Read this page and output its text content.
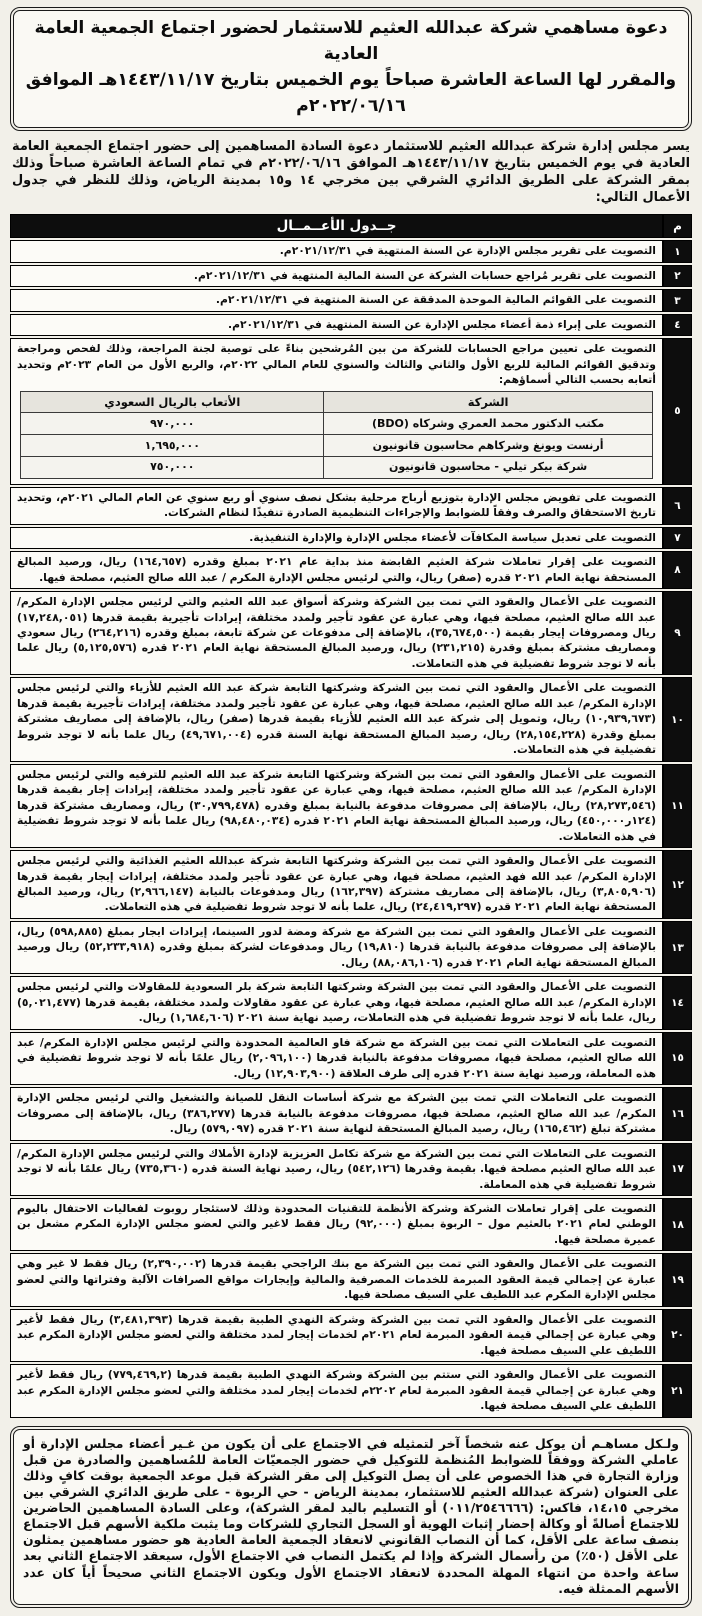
دعوة مساهمي شركة عبدالله العثيم للاستثمار لحضور اجتماع الجمعية العامة العادية
والمقرر لها الساعة العاشرة صباحاً يوم الخميس بتاريخ ١٤٤٣/١١/١٧هـ الموافق ٢٠٢٢/٠٦/١٦م

يسر مجلس إدارة شركة عبدالله العثيم للاستثمار دعوة السادة المساهمين إلى حضور اجتماع الجمعية العامة العادية في يوم الخميس بتاريخ ١٤٤٣/١١/١٧هـ الموافق ٢٠٢٢/٠٦/١٦م في تمام الساعة العاشرة صباحاً وذلك بمقر الشركة على الطريق الدائري الشرقي بين مخرجي ١٤ و١٥ بمدينة الرياض، وذلك للنظر في جدول الأعمال التالي:

م	جــدول الأعــمــال
١	التصويت على تقرير مجلس الإدارة عن السنة المنتهية في ٢٠٢١/١٢/٣١م.
٢	التصويت على تقرير مُراجع حسابات الشركة عن السنة المالية المنتهية في ٢٠٢١/١٢/٣١م.
٣	التصويت على القوائم المالية الموحدة المدققة عن السنة المنتهية في ٢٠٢١/١٢/٣١م.
٤	التصويت على إبراء ذمة أعضاء مجلس الإدارة عن السنة المنتهية في ٢٠٢١/١٢/٣١م.
٥	التصويت على تعيين مراجع الحسابات للشركة من بين المُرشحين بناءً على توصية لجنة المراجعة، وذلك لفحص ومراجعة وتدقيق القوائم المالية للربع الأول والثاني والثالث والسنوي للعام المالي ٢٠٢٢م، والربع الأول من العام ٢٠٢٣م وتحديد أتعابه بحسب التالي أسماؤهم:
الشركة	الأتعاب بالريال السعودي
مكتب الدكتور محمد العمري وشركاه (BDO)	٩٧٠,٠٠٠
أرنست ويونغ وشركاهم محاسبون قانونيون	١,٦٩٥,٠٠٠
شركة بيكر تيلي - محاسبون قانونيون	٧٥٠,٠٠٠

٦	التصويت على تفويض مجلس الإدارة بتوزيع أرباح مرحلية بشكل نصف سنوي أو ربع سنوي عن العام المالي ٢٠٢١م، وتحديد تاريخ الاستحقاق والصرف وفقاً للضوابط والإجراءات التنظيمية الصادرة تنفيذًا لنظام الشركات.
٧	التصويت على تعديل سياسة المكافآت لأعضاء مجلس الإدارة والإدارة التنفيذية.
٨	التصويت على إقرار تعاملات شركة العثيم القابضة منذ بداية عام ٢٠٢١ بمبلغ وقدره (١٦٤,٦٥٧) ريال، ورصيد المبالغ المستحقة نهاية العام ٢٠٢١ قدره (صفر) ريال، والتي لرئيس مجلس الإدارة المكرم / عبد الله صالح العثيم، مصلحة فيها.
٩	التصويت على الأعمال والعقود التي تمت بين الشركة وشركة أسواق عبد الله العثيم والتي لرئيس مجلس الإدارة المكرم/ عبد الله صالح العثيم، مصلحة فيها، وهي عبارة عن عقود تأجير ولمدد مختلفة، إيرادات تأجيرية بقيمة قدرها (١٧,٢٤٨,٠٥١) ريال ومصروفات إيجار بقيمة (٣٥,٦٧٤,٥٠٠)، بالإضافة إلى مدفوعات عن شركة تابعة، بمبلغ وقدره (٢٦٤,٢١٦) ريال سعودي ومصاريف مشتركة بمبلغ وقدرة (٢٣١,٢١٥) ريال، ورصيد المبالغ المستحقة نهاية العام ٢٠٢١ قدره (٥,١٢٥,٥٧٦) ريال علما بأنه لا توجد شروط تفضيلية في هذه التعاملات.
١٠	التصويت على الأعمال والعقود التي تمت بين الشركة وشركتها التابعة شركة عبد الله العثيم للأزياء والتي لرئيس مجلس الإدارة المكرم/ عبد الله صالح العثيم، مصلحة فيها، وهي عبارة عن عقود تأجير ولمدد مختلفة، إيرادات تأجيرية بقيمة قدرها (١٠,٩٣٩,٦٧٣) ريال، وتمويل إلى شركة عبد الله العثيم للأزياء بقيمة قدرها (صفر) ريال، بالإضافة إلى مصاريف مشتركة بمبلغ وقدرة (٢٨,١٥٤,٢٢٨) ريال، رصيد المبالغ المستحقة نهاية السنة قدره (٤٩,٦٧١,٠٠٤) ريال علما بأنه لا توجد شروط تفضيلية في هذه التعاملات.
١١	التصويت على الأعمال والعقود التي تمت بين الشركة وشركتها التابعة شركة عبد الله العثيم للترفيه والتي لرئيس مجلس الإدارة المكرم/ عبد الله صالح العثيم، مصلحة فيها، وهي عبارة عن عقود تأجير ولمدد مختلفة، إيرادات إجار بقيمة قدرها (٢٨,٢٧٣,٥٤٦) ريال، بالإضافة إلى مصروفات مدفوعة بالنيابة بمبلغ وقدره (٣٠,٧٩٩,٤٧٨) ريال، ومصاريف مشتركة قدرها (١٢٤ر٤٥٠,٠٠٠) ريال، ورصيد المبالغ المستحقة نهاية العام ٢٠٢١ قدره (٩٨,٤٨٠,٠٣٤) ريال علما بأنه لا توجد شروط تفضيلية في هذه التعاملات.
١٢	التصويت على الأعمال والعقود التي تمت بين الشركة وشركتها التابعة شركة عبدالله العثيم الغذائية والتي لرئيس مجلس الإدارة المكرم/ عبد الله فهد العثيم، مصلحة فيها، وهي عبارة عن عقود تأجير ولمدد مختلفة، إيرادات إيجار بقيمة قدرها (٣,٨٠٥,٩٠٦) ريال، بالإضافة إلى مصاريف مشتركة (١٦٢,٣٩٧) ريال ومدفوعات بالنيابة (٢,٩٦٦,١٤٧) ريال، ورصيد المبالغ المستحقة نهاية العام ٢٠٢١ قدره (٢٤,٤١٩,٢٩٧) ريال، علما بأنه لا توجد شروط تفضيلية في هذه التعاملات.
١٣	التصويت على الأعمال والعقود التي تمت بين الشركة مع شركة ومضة لدور السينما، إيرادات ايجار بمبلغ (٥٩٨,٨٨٥) ريال، بالإضافة إلى مصروفات مدفوعة بالنيابة قدرها (١٩,٨١٠) ريال ومدفوعات لشركة بمبلغ وقدره (٥٢,٢٣٣,٩١٨) ريال ورصيد المبالغ المستحقة نهاية العام ٢٠٢١ قدره (٨٨,٠٨٦,١٠٦) ريال.
١٤	التصويت على الأعمال والعقود التي تمت بين الشركة وشركتها التابعة شركة بلر السعودية للمقاولات والتي لرئيس مجلس الإدارة المكرم/ عبد الله صالح العثيم، مصلحة فيها، وهي عبارة عن عقود مقاولات ولمدد مختلفة، بقيمة قدرها (٥,٠٢١,٤٧٧) ريال، علما بأنه لا توجد شروط تفضيلية في هذه التعاملات، رصيد نهاية سنة ٢٠٢١ (١,٦٨٤,٦٠٦) ريال.
١٥	التصويت على التعاملات التي تمت بين الشركة مع شركة فاو العالمية المحدودة والتي لرئيس مجلس الإدارة المكرم/ عبد الله صالح العثيم، مصلحة فيها، مصروفات مدفوعة بالنيابة قدرها (٢,٠٩٦,١٠٠) ريال علمًا بأنه لا توجد شروط تفضيلية في هذه المعاملة، ورصيد نهاية سنة ٢٠٢١ قدره إلى طرف العلاقة (١٢,٩٠٣,٩٠٠) ريال.
١٦	التصويت على التعاملات التي تمت بين الشركة مع شركة أساسات النقل للصيانة والتشغيل والتي لرئيس مجلس الإدارة المكرم/ عبد الله صالح العثيم، مصلحة فيها، مصروفات مدفوعة بالنيابة قدرها (٣٨٦,٢٧٧) ريال، بالإضافة إلى مصروفات مشتركة تبلغ (١٦٥,٤٦٢) ريال، رصيد المبالغ المستحقة لنهاية سنة ٢٠٢١ قدره (٥٧٩,٠٩٧) ريال.
١٧	التصويت على التعاملات التي تمت بين الشركة مع شركة تكامل العزيزية لإدارة الأملاك والتي لرئيس مجلس الإدارة المكرم/ عبد الله صالح العثيم مصلحة فيها. بقيمة وقدرها (٥٤٢,١٢٦) ريال، رصيد نهاية السنة قدره (٧٣٥,٣٦٠) ريال علمًا بأنه لا توجد شروط تفضيلية في هذه المعاملة.
١٨	التصويت على إقرار تعاملات الشركة وشركة الأنظمة للتقنيات المحدودة وذلك لاستئجار روبوت لفعاليات الاحتفال باليوم الوطني لعام ٢٠٢١ بالعثيم مول – الربوة بمبلغ (٩٢,٠٠٠) ريال فقط لاغير والتي لعضو مجلس الإدارة المكرم مشعل بن عميرة مصلحة فيها.
١٩	التصويت على الأعمال والعقود التي تمت بين الشركة مع بنك الراجحي بقيمة قدرها (٢,٣٩٠,٠٠٢) ريال فقط لا غير وهي عبارة عن إجمالي قيمة العقود المبرمة للخدمات المصرفية والمالية وإيجارات مواقع الصرافات الآلية وفتراتها والتي لعضو مجلس الإدارة المكرم عبد اللطيف علي السيف مصلحة فيها.
٢٠	التصويت على الأعمال والعقود التي تمت بين الشركة وشركة النهدي الطبية بقيمة قدرها (٣,٤٨١,٣٩٣) ريال فقط لأغير وهي عبارة عن إجمالي قيمة العقود المبرمة لعام ٢٠٢١م لخدمات إيجار لمدد مختلفة والتي لعضو مجلس الإدارة المكرم عبد اللطيف علي السيف مصلحة فيها.
٢١	التصويت على الأعمال والعقود التي ستتم بين الشركة وشركة النهدي الطبية بقيمة قدرها (٧٧٩,٤٦٩,٢) ريال فقط لأغير وهي عبارة عن إجمالي قيمة العقود المبرمة لعام ٢٢٠٢م لخدمات إيجار لمدد مختلفة والتي لعضو مجلس الإدارة المكرم عبد اللطيف علي السيف مصلحة فيها.

ولـكل مساهـم أن يوكل عنه شخصاً آخر لتمثيله في الاجتماع على أن يكون من غـير أعضاء مجلس الإدارة أو عاملي الشركة ووفقاً للضوابط المُنظمة للتوكيل في حضور الجمعيّات العامة للمُساهمين والصادرة من قبل وزارة التجارة في هذا الخصوص على أن يصل التوكيل إلى مقر الشركة قبل موعد الجمعية بوقت كافٍ وذلك على العنوان (شركة عبدالله العثيم للاستثمار، بمدينة الرياض - حي الربوة - على طريق الدائري الشرقي بين مخرجي ١٤،١٥، فاكس: (٠١١/٢٥٤٦٦٦٦) أو التسليم باليد لمقر الشركة)، وعلى السادة المساهمين الحاضرين للاجتماع أصالةً أو وكالة إحضار إثبات الهوية أو السجل التجاري للشركات وما يثبت ملكية الأسهم قبل الاجتماع بنصف ساعة على الأقل، كما أن النصاب القانوني لانعقاد الجمعية العامة العادية هو حضور مساهمين يمثلون على الأقل (٥٠٪) من رأسمال الشركة وإذا لم يكتمل النصاب في الاجتماع الأول، سيعقد الاجتماع الثاني بعد ساعة واحدة من انتهاء المهلة المحددة لانعقاد الاجتماع الأول ويكون الاجتماع الثاني صحيحاً أياً كان عدد الأسهم الممثلة فيه.
